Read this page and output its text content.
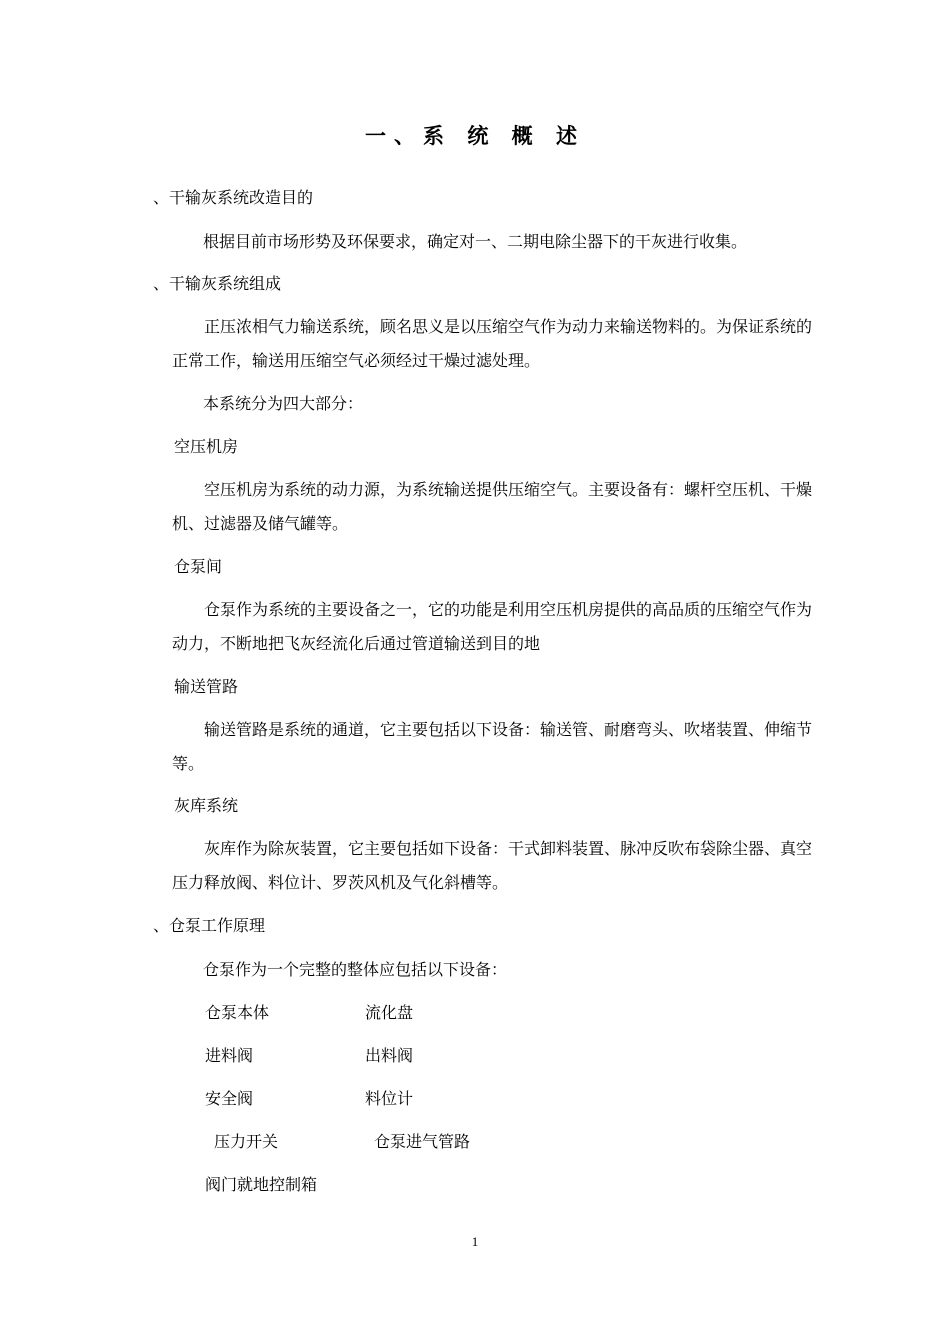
一、系 统 概 述
、干输灰系统改造目的
根据目前市场形势及环保要求，确定对一、二期电除尘器下的干灰进行收集。
、干输灰系统组成
正压浓相气力输送系统，顾名思义是以压缩空气作为动力来输送物料的。为保证系统的正常工作，输送用压缩空气必须经过干燥过滤处理。
本系统分为四大部分：
空压机房
空压机房为系统的动力源，为系统输送提供压缩空气。主要设备有：螺杆空压机、干燥机、过滤器及储气罐等。
仓泵间
仓泵作为系统的主要设备之一，它的功能是利用空压机房提供的高品质的压缩空气作为动力，不断地把飞灰经流化后通过管道输送到目的地
输送管路
输送管路是系统的通道，它主要包括以下设备：输送管、耐磨弯头、吹堵装置、伸缩节等。
灰库系统
灰库作为除灰装置，它主要包括如下设备：干式卸料装置、脉冲反吹布袋除尘器、真空压力释放阀、料位计、罗茨风机及气化斜槽等。
、仓泵工作原理
仓泵作为一个完整的整体应包括以下设备：
仓泵本体	流化盘
进料阀	出料阀
安全阀	料位计
压力开关	仓泵进气管路
阀门就地控制箱
1
